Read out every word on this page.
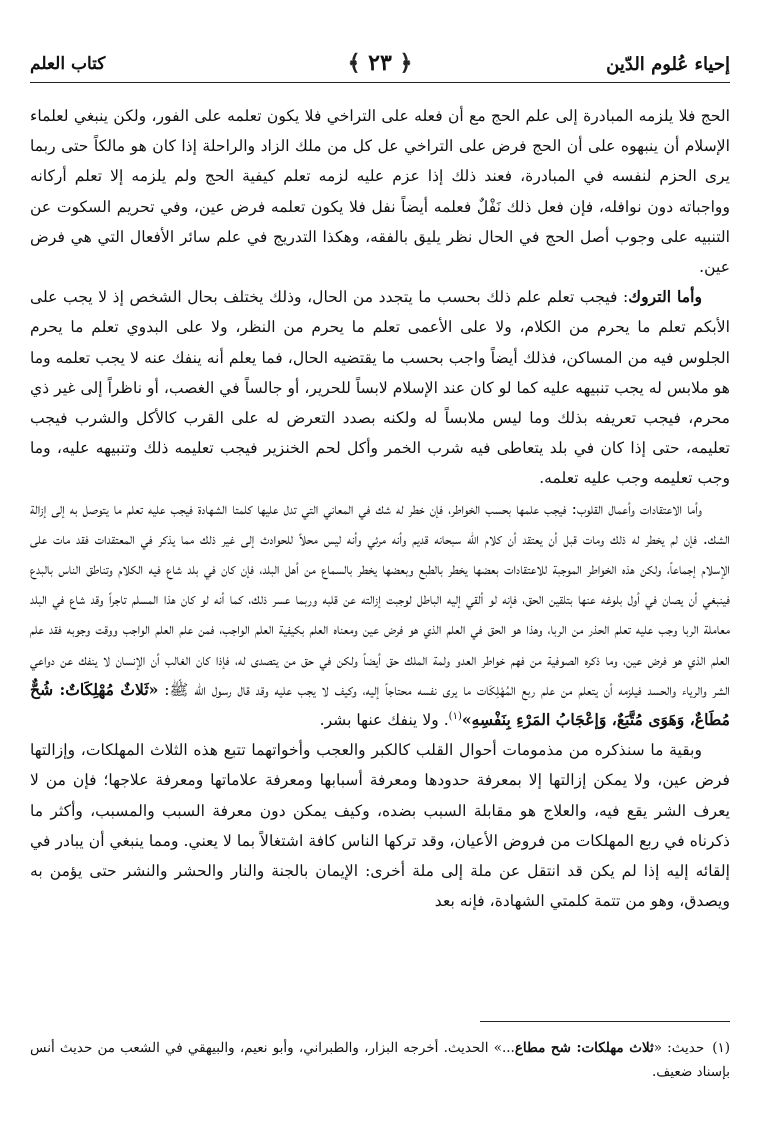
إحياء عُلوم الدّين
﴿ ٢٣ ﴾
كتاب العلم

الحج فلا يلزمه المبادرة إلى علم الحج مع أن فعله على التراخي فلا يكون تعلمه على الفور، ولكن ينبغي لعلماء الإسلام أن ينبهوه على أن الحج فرض على التراخي عل كل من ملك الزاد والراحلة إذا كان هو مالكاً حتى ربما يرى الحزم لنفسه في المبادرة، فعند ذلك إذا عزم عليه لزمه تعلم كيفية الحج ولم يلزمه إلا تعلم أركانه وواجباته دون نوافله، فإن فعل ذلك نَفْلٌ فعلمه أيضاً نفل فلا يكون تعلمه فرض عين، وفي تحريم السكوت عن التنبيه على وجوب أصل الحج في الحال نظر يليق بالفقه، وهكذا التدريج في علم سائر الأفعال التي هي فرض عين.

وأما التروك: فيجب تعلم علم ذلك بحسب ما يتجدد من الحال، وذلك يختلف بحال الشخص إذ لا يجب على الأبكم تعلم ما يحرم من الكلام، ولا على الأعمى تعلم ما يحرم من النظر، ولا على البدوي تعلم ما يحرم الجلوس فيه من المساكن، فذلك أيضاً واجب بحسب ما يقتضيه الحال، فما يعلم أنه ينفك عنه لا يجب تعلمه وما هو ملابس له يجب تنبيهه عليه كما لو كان عند الإسلام لابساً للحرير، أو جالساً في الغصب، أو ناظراً إلى غير ذي محرم، فيجب تعريفه بذلك وما ليس ملابساً له ولكنه بصدد التعرض له على القرب كالأكل والشرب فيجب تعليمه، حتى إذا كان في بلد يتعاطى فيه شرب الخمر وأكل لحم الخنزير فيجب تعليمه ذلك وتنبيهه عليه، وما وجب تعليمه وجب عليه تعلمه.

وأما الاعتقادات وأعمال القلوب: فيجب علمها بحسب الخواطر، فإن خطر له شك في المعاني التي تدل عليها كلمتا الشهادة فيجب عليه تعلم ما يتوصل به إلى إزالة الشك. فإن لم يخطر له ذلك ومات قبل أن يعتقد أن كلام الله سبحانه قديم وأنه مرئي وأنه ليس محلاً للحوادث إلى غير ذلك مما يذكر في المعتقدات فقد مات على الإسلام إجماعاً، ولكن هذه الخواطر الموجبة للاعتقادات بعضها يخطر بالطبع وبعضها يخطر بالسماع من أهل البلد، فإن كان في بلد شاع فيه الكلام وتناطق الناس بالبدع فينبغي أن يصان في أول بلوغه عنها بتلقين الحق، فإنه لو ألقي إليه الباطل لوجبت إزالته عن قلبه وربما عسر ذلك، كما أنه لو كان هذا المسلم تاجراً وقد شاع في البلد معاملة الربا وجب عليه تعلم الحذر من الربا، وهذا هو الحق في العلم الذي هو فرض عين ومعناه العلم بكيفية العلم الواجب، فمن علم العلم الواجب ووقت وجوبه فقد علم العلم الذي هو فرض عين، وما ذكره الصوفية من فهم خواطر العدو ولمة الملك حق أيضاً ولكن في حق من يتصدى له، فإذا كان الغالب أن الإنسان لا ينفك عن دواعي الشر والرياء والحسد فيلزمه أن يتعلم من علم ربع المُهْلِكَات ما يرى نفسه محتاجاً إليه، وكيف لا يجب عليه وقد قال رسول الله ﷺ: «ثَلاثٌ مُهْلِكَاتٌ: شُحٌّ مُطَاعٌ، وَهَوَى مُتَّبَعٌ، وَإعْجَابُ المَرْءِ بِنَفْسِهِ»$^{(١)}$. ولا ينفك عنها بشر.

وبقية ما سنذكره من مذمومات أحوال القلب كالكبر والعجب وأخواتهما تتبع هذه الثلاث المهلكات، وإزالتها فرض عين، ولا يمكن إزالتها إلا بمعرفة حدودها ومعرفة أسبابها ومعرفة علاماتها ومعرفة علاجها؛ فإن من لا يعرف الشر يقع فيه، والعلاج هو مقابلة السبب بضده، وكيف يمكن دون معرفة السبب والمسبب، وأكثر ما ذكرناه في ربع المهلكات من فروض الأعيان، وقد تركها الناس كافة اشتغالاً بما لا يعني. ومما ينبغي أن يبادر في إلقائه إليه إذا لم يكن قد انتقل عن ملة إلى ملة أخرى: الإيمان بالجنة والنار والحشر والنشر حتى يؤمن به ويصدق، وهو من تتمة كلمتي الشهادة، فإنه بعد

(١)حديث: «ثلاث مهلكات: شح مطاع...» الحديث. أخرجه البزار، والطبراني، وأبو نعيم، والبيهقي في الشعب من حديث أنس بإسناد ضعيف.
